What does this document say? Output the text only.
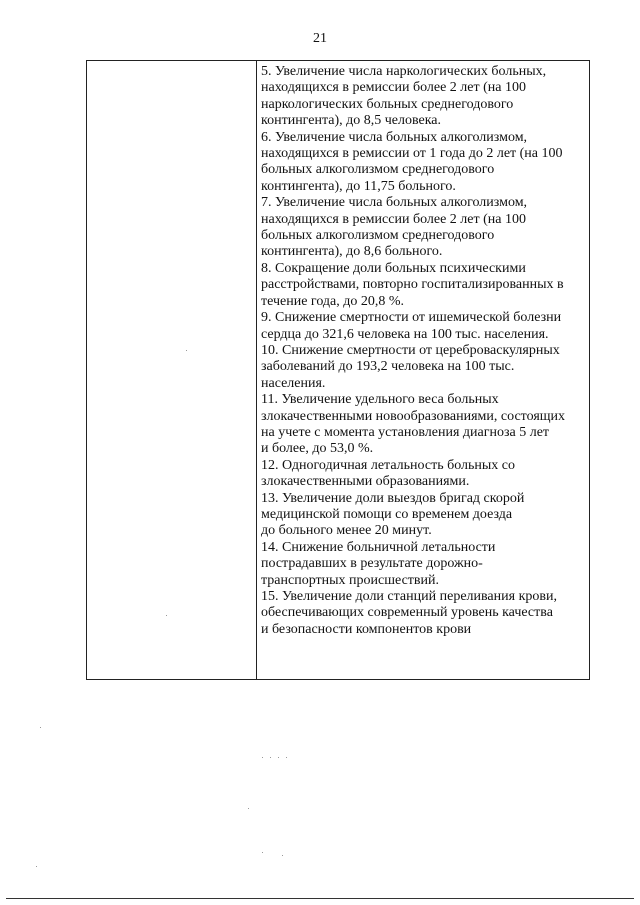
21

5. Увеличение числа наркологических больных,
находящихся в ремиссии более 2 лет (на 100
наркологических больных среднегодового
контингента), до 8,5 человека.

6. Увеличение числа больных алкоголизмом,
находящихся в ремиссии от 1 года до 2 лет (на 100
больных алкоголизмом среднегодового
контингента), до 11,75 больного.

7. Увеличение числа больных алкоголизмом,
находящихся в ремиссии более 2 лет (на 100
больных алкоголизмом среднегодового
контингента), до 8,6 больного.

8. Сокращение доли больных психическими
расстройствами, повторно госпитализированных в
течение года, до 20,8 %.

9. Снижение смертности от ишемической болезни
сердца до 321,6 человека на 100 тыс. населения.

10. Снижение смертности от цереброваскулярных
заболеваний до 193,2 человека на 100 тыс.
населения.

11. Увеличение удельного веса больных
злокачественными новообразованиями, состоящих
на учете с момента установления диагноза 5 лет
и более, до 53,0 %.

12. Одногодичная летальность больных со
злокачественными образованиями.

13. Увеличение доли выездов бригад скорой
медицинской помощи со временем доезда
до больного менее 20 минут.

14. Снижение больничной летальности
пострадавших в результате дорожно-
транспортных происшествий.

15. Увеличение доли станций переливания крови,
обеспечивающих современный уровень качества
и безопасности компонентов крови
